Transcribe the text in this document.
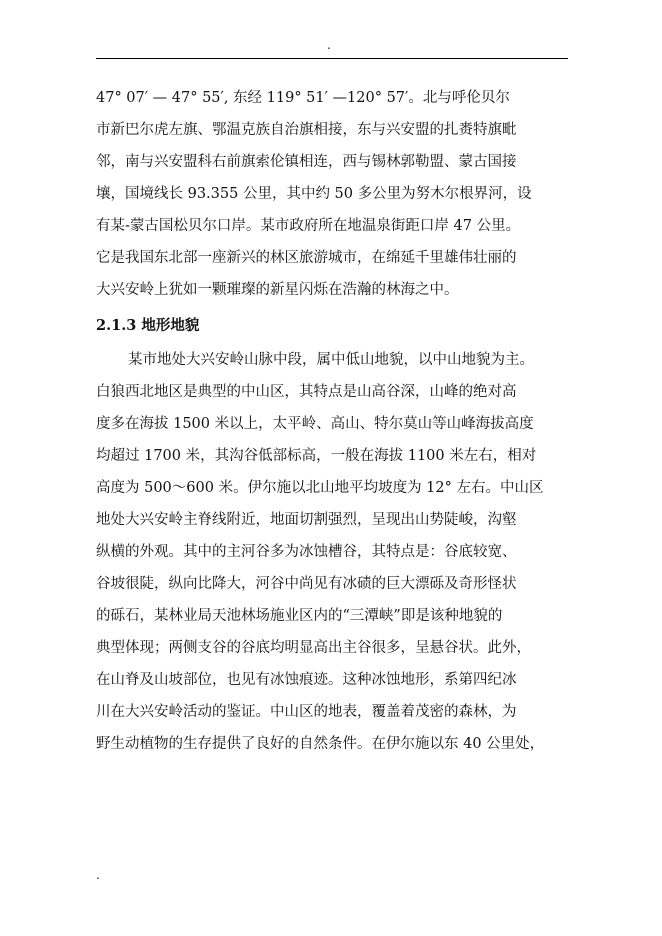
.
47° 07′ — 47° 55′, 东经 119° 51′ —120° 57′。北与呼伦贝尔
市新巴尔虎左旗、鄂温克族自治旗相接，东与兴安盟的扎赉特旗毗
邻，南与兴安盟科右前旗索伦镇相连，西与锡林郭勒盟、蒙古国接
壤，国境线长 93.355 公里，其中约 50 多公里为努木尔根界河，设
有某-蒙古国松贝尔口岸。某市政府所在地温泉街距口岸 47 公里。
它是我国东北部一座新兴的林区旅游城市，在绵延千里雄伟壮丽的
大兴安岭上犹如一颗璀璨的新星闪烁在浩瀚的林海之中。
2.1.3 地形地貌
某市地处大兴安岭山脉中段，属中低山地貌，以中山地貌为主。
白狼西北地区是典型的中山区，其特点是山高谷深，山峰的绝对高
度多在海拔 1500 米以上，太平岭、高山、特尔莫山等山峰海拔高度
均超过 1700 米，其沟谷低部标高，一般在海拔 1100 米左右，相对
高度为 500～600 米。伊尔施以北山地平均坡度为 12° 左右。中山区
地处大兴安岭主脊线附近，地面切割强烈，呈现出山势陡峻，沟壑
纵横的外观。其中的主河谷多为冰蚀槽谷，其特点是：谷底较宽、
谷坡很陡，纵向比降大，河谷中尚见有冰碛的巨大漂砾及奇形怪状
的砾石，某林业局天池林场施业区内的“三潭峡”即是该种地貌的
典型体现；两侧支谷的谷底均明显高出主谷很多，呈悬谷状。此外，
在山脊及山坡部位，也见有冰蚀痕迹。这种冰蚀地形，系第四纪冰
川在大兴安岭活动的鉴证。中山区的地表，覆盖着茂密的森林，为
野生动植物的生存提供了良好的自然条件。在伊尔施以东 40 公里处，
.
